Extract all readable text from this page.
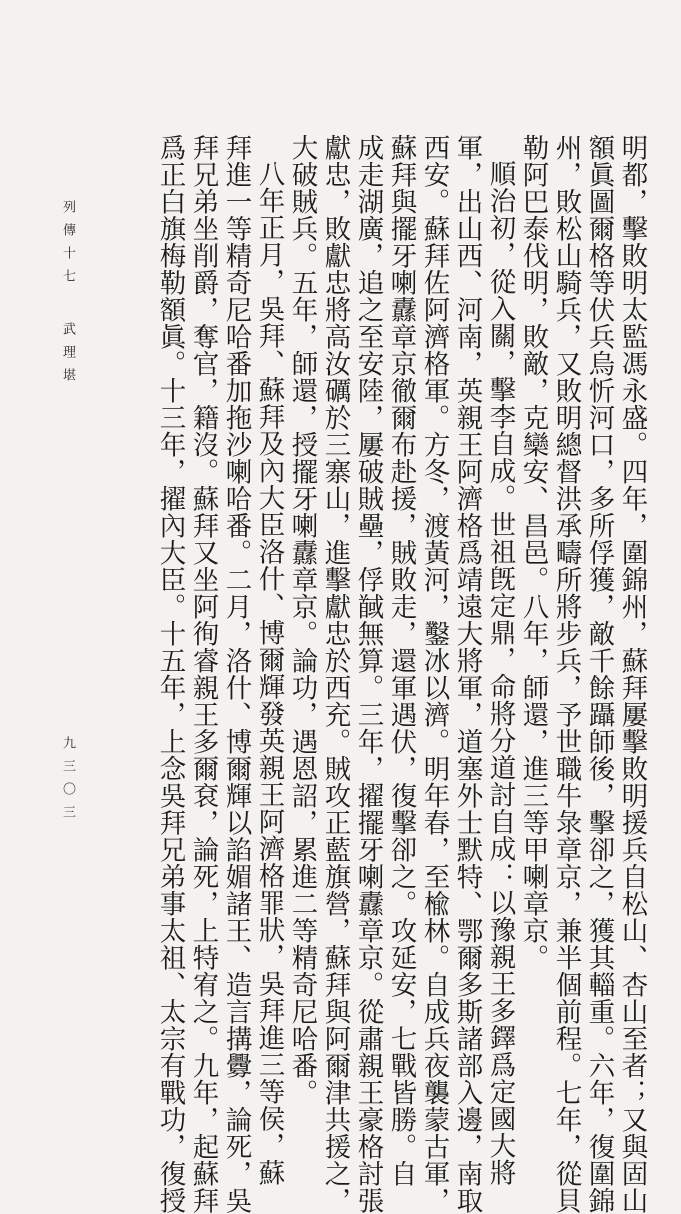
列傳十七
武理堪
九三〇三	明都，擊敗明太監馮永盛。四年，圍錦州，蘇拜屢擊敗明援兵自松山、杏山至者；又與固山
額眞圖爾格等伏兵烏忻河口，多所俘獲，敵千餘躡師後，擊卻之，獲其輜重。六年，復圍錦
州，敗松山騎兵，又敗明總督洪承疇所將步兵，予世職牛彔章京，兼半個前程。七年，從貝
勒阿巴泰伐明，敗敵，克欒安、昌邑。八年，師還，進三等甲喇章京。
順治初，從入關，擊李自成。世祖旣定鼎，命將分道討自成：以豫親王多鐸爲定國大將
軍，出山西、河南，英親王阿濟格爲靖遠大將軍，道塞外士默特、鄂爾多斯諸部入邊，南取
西安。蘇拜佐阿濟格軍。方冬，渡黃河，鑿冰以濟。明年春，至楡林。自成兵夜襲蒙古軍，
蘇拜與擺牙喇纛章京徹爾布赴援，賊敗走，還軍遇伏，復擊卻之。攻延安，七戰皆勝。自
成走湖廣，追之至安陸，屢破賊壘，俘馘無算。三年，擢擺牙喇纛章京。從肅親王豪格討張
獻忠，敗獻忠將高汝礪於三寨山，進擊獻忠於西充。賊攻正藍旗營，蘇拜與阿爾津共援之，
大破賊兵。五年，師還，授擺牙喇纛章京。論功，遇恩詔，累進二等精奇尼哈番。
八年正月，吳拜、蘇拜及內大臣洛什、博爾輝發英親王阿濟格罪狀，吳拜進三等侯，蘇
拜進一等精奇尼哈番加拖沙喇哈番。二月，洛什、博爾輝以諂媚諸王、造言搆釁，論死，吳
拜兄弟坐削爵，奪官，籍沒。蘇拜又坐阿徇睿親王多爾袞，論死，上特宥之。九年，起蘇拜
爲正白旗梅勒額眞。十三年，擢內大臣。十五年，上念吳拜兄弟事太祖、太宗有戰功，復授
